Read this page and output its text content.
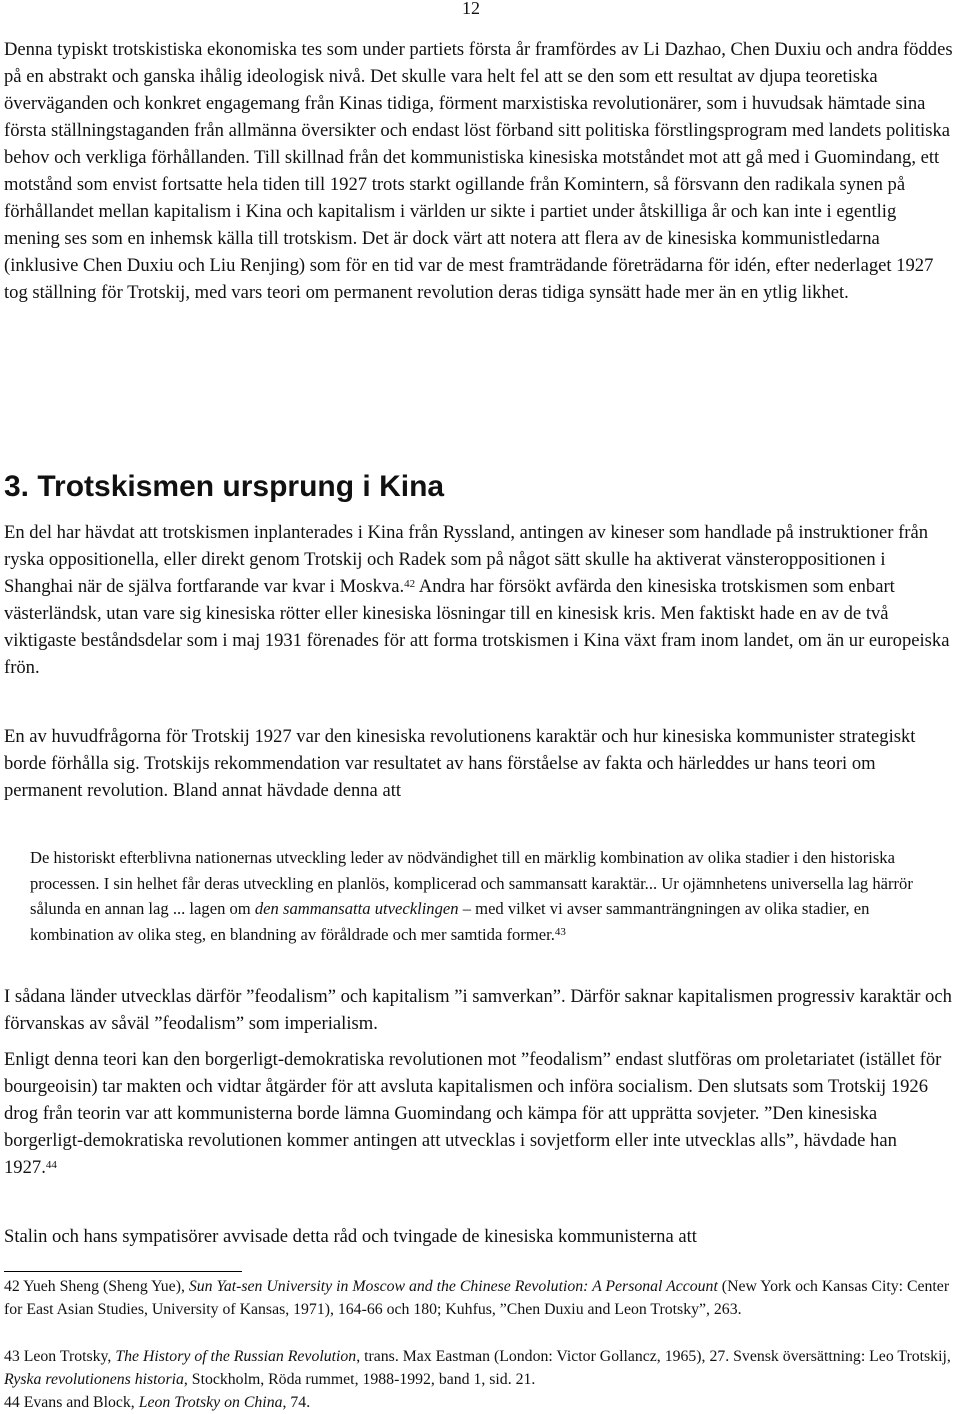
12

Denna typiskt trotskistiska ekonomiska tes som under partiets första år framfördes av Li Dazhao, Chen Duxiu och andra föddes på en abstrakt och ganska ihålig ideologisk nivå. Det skulle vara helt fel att se den som ett resultat av djupa teoretiska överväganden och konkret engagemang från Kinas tidiga, förment marxistiska revolutionärer, som i huvudsak hämtade sina första ställningstaganden från allmänna översikter och endast löst förband sitt politiska förstlingsprogram med landets politiska behov och verkliga förhållanden. Till skillnad från det kommunistiska kinesiska motståndet mot att gå med i Guomindang, ett motstånd som envist fortsatte hela tiden till 1927 trots starkt ogillande från Komintern, så försvann den radikala synen på förhållandet mellan kapitalism i Kina och kapitalism i världen ur sikte i partiet under åtskilliga år och kan inte i egentlig mening ses som en inhemsk källa till trotskism. Det är dock värt att notera att flera av de kinesiska kommunistledarna (inklusive Chen Duxiu och Liu Renjing) som för en tid var de mest framträdande företrädarna för idén, efter nederlaget 1927 tog ställning för Trotskij, med vars teori om permanent revolution deras tidiga synsätt hade mer än en ytlig likhet.

3. Trotskismen ursprung i Kina

En del har hävdat att trotskismen inplanterades i Kina från Ryssland, antingen av kineser som handlade på instruktioner från ryska oppositionella, eller direkt genom Trotskij och Radek som på något sätt skulle ha aktiverat vänsteroppositionen i Shanghai när de själva fortfarande var kvar i Moskva.$^{42}$ Andra har försökt avfärda den kinesiska trotskismen som enbart västerländsk, utan vare sig kinesiska rötter eller kinesiska lösningar till en kinesisk kris. Men faktiskt hade en av de två viktigaste beståndsdelar som i maj 1931 förenades för att forma trotskismen i Kina växt fram inom landet, om än ur europeiska frön.

En av huvudfrågorna för Trotskij 1927 var den kinesiska revolutionens karaktär och hur kinesiska kommunister strategiskt borde förhålla sig. Trotskijs rekommendation var resultatet av hans förståelse av fakta och härleddes ur hans teori om permanent revolution. Bland annat hävdade denna att

De historiskt efterblivna nationernas utveckling leder av nödvändighet till en märklig kombination av olika stadier i den historiska processen. I sin helhet får deras utveckling en planlös, komplicerad och sammansatt karaktär... Ur ojämnhetens universella lag härrör sålunda en annan lag ... lagen om den sammansatta utvecklingen – med vilket vi avser sammanträngningen av olika stadier, en kombination av olika steg, en blandning av föråldrade och mer samtida former.$^{43}$

I sådana länder utvecklas därför ”feodalism” och kapitalism ”i samverkan”. Därför saknar kapitalismen progressiv karaktär och förvanskas av såväl ”feodalism” som imperialism.

Enligt denna teori kan den borgerligt-demokratiska revolutionen mot ”feodalism” endast slutföras om proletariatet (istället för bourgeoisin) tar makten och vidtar åtgärder för att avsluta kapitalismen och införa socialism. Den slutsats som Trotskij 1926 drog från teorin var att kommunisterna borde lämna Guomindang och kämpa för att upprätta sovjeter. ”Den kinesiska borgerligt-demokratiska revolutionen kommer antingen att utvecklas i sovjetform eller inte utvecklas alls”, hävdade han 1927.44

Stalin och hans sympatisörer avvisade detta råd och tvingade de kinesiska kommunisterna att

42 Yueh Sheng (Sheng Yue), Sun Yat-sen University in Moscow and the Chinese Revolution: A Personal Account (New York och Kansas City: Center for East Asian Studies, University of Kansas, 1971), 164-66 och 180; Kuhfus, ”Chen Duxiu and Leon Trotsky”, 263.

43 Leon Trotsky, The History of the Russian Revolution, trans. Max Eastman (London: Victor Gollancz, 1965), 27. Svensk översättning: Leo Trotskij, Ryska revolutionens historia, Stockholm, Röda rummet, 1988-1992, band 1, sid. 21.

44 Evans and Block, Leon Trotsky on China, 74.
